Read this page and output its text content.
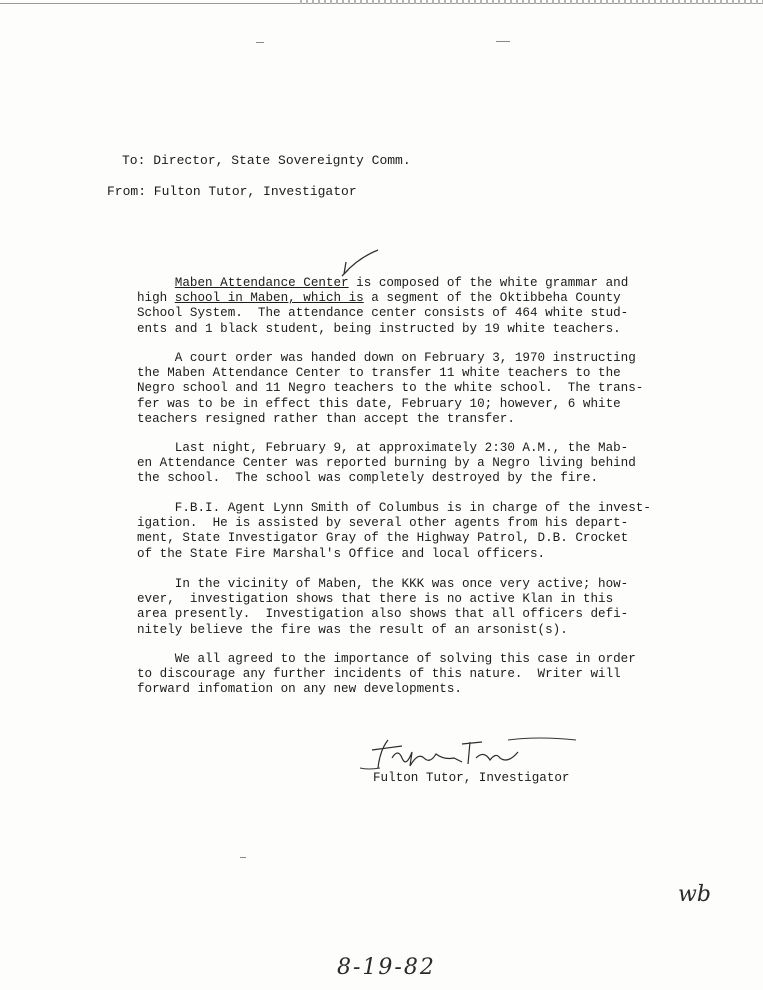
To: Director, State Sovereignty Comm.
From: Fulton Tutor, Investigator
Maben Attendance Center is composed of the white grammar and
high school in Maben, which is a segment of the Oktibbeha County
School System.  The attendance center consists of 464 white stud-
ents and 1 black student, being instructed by 19 white teachers.
A court order was handed down on February 3, 1970 instructing
the Maben Attendance Center to transfer 11 white teachers to the
Negro school and 11 Negro teachers to the white school.  The trans-
fer was to be in effect this date, February 10; however, 6 white
teachers resigned rather than accept the transfer.
Last night, February 9, at approximately 2:30 A.M., the Mab-
en Attendance Center was reported burning by a Negro living behind
the school.  The school was completely destroyed by the fire.
F.B.I. Agent Lynn Smith of Columbus is in charge of the invest-
igation.  He is assisted by several other agents from his depart-
ment, State Investigator Gray of the Highway Patrol, D.B. Crocket
of the State Fire Marshal's Office and local officers.
In the vicinity of Maben, the KKK was once very active; how-
ever,  investigation shows that there is no active Klan in this
area presently.  Investigation also shows that all officers defi-
nitely believe the fire was the result of an arsonist(s).
We all agreed to the importance of solving this case in order
to discourage any further incidents of this nature.  Writer will
forward infomation on any new developments.
Fulton Tutor, Investigator
wb
8-19-82
